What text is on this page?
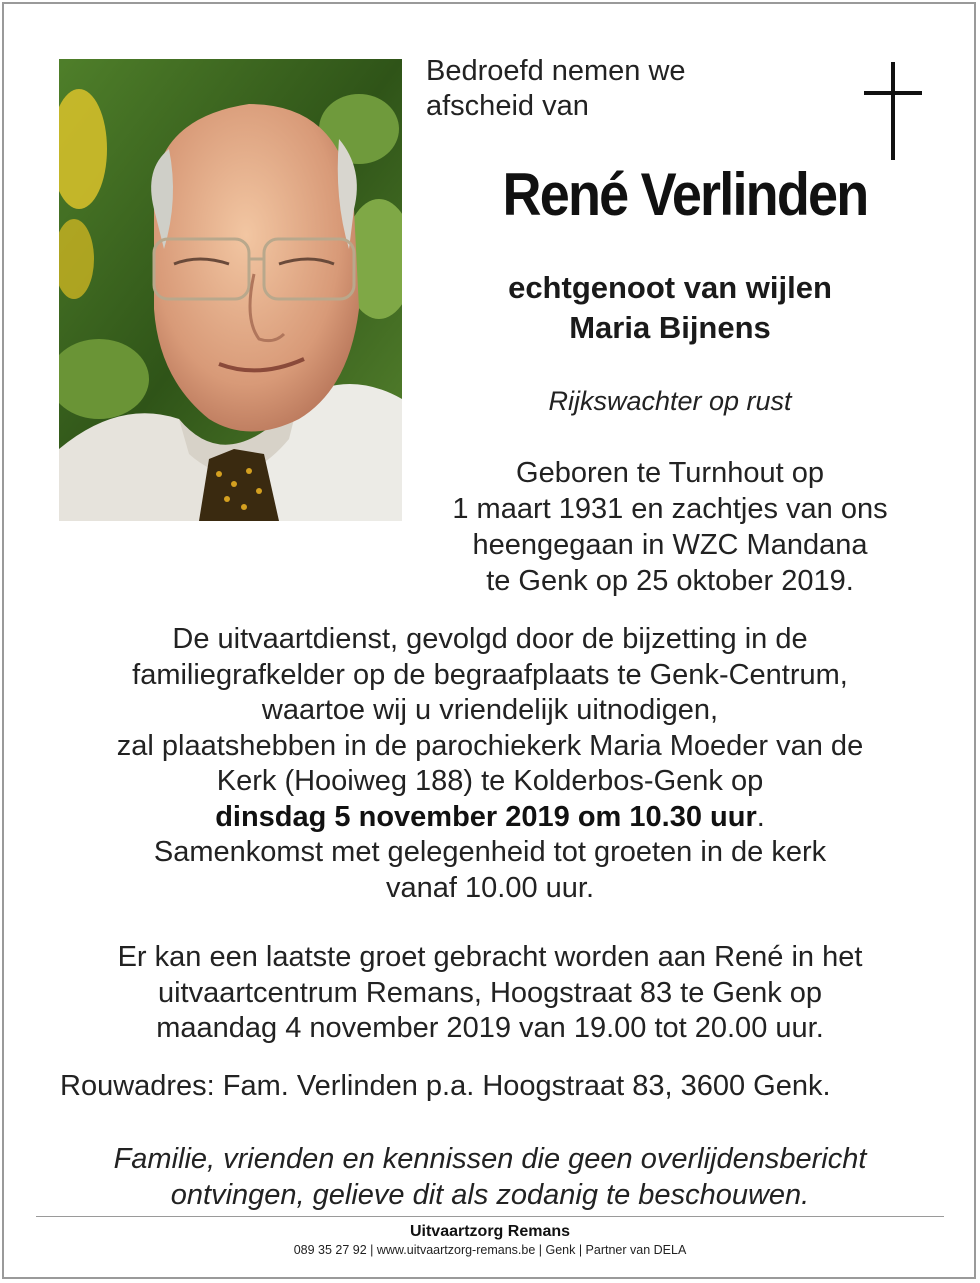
Bedroefd nemen we
afscheid van
René Verlinden
echtgenoot van wijlen
Maria Bijnens
Rijkswachter op rust
Geboren te Turnhout op
1 maart 1931 en zachtjes van ons
heengegaan in WZC Mandana
te Genk op 25 oktober 2019.
De uitvaartdienst, gevolgd door de bijzetting in de
familiegrafkelder op de begraafplaats te Genk-Centrum,
waartoe wij u vriendelijk uitnodigen,
zal plaatshebben in de parochiekerk Maria Moeder van de
Kerk (Hooiweg 188) te Kolderbos-Genk op
dinsdag 5 november 2019 om 10.30 uur.
Samenkomst met gelegenheid tot groeten in de kerk
vanaf 10.00 uur.
Er kan een laatste groet gebracht worden aan René in het
uitvaartcentrum Remans, Hoogstraat 83 te Genk op
maandag 4 november 2019 van 19.00 tot 20.00 uur.
Rouwadres: Fam. Verlinden p.a. Hoogstraat 83, 3600 Genk.
Familie, vrienden en kennissen die geen overlijdensbericht
ontvingen, gelieve dit als zodanig te beschouwen.
Uitvaartzorg Remans
089 35 27 92 | www.uitvaartzorg-remans.be | Genk | Partner van DELA
